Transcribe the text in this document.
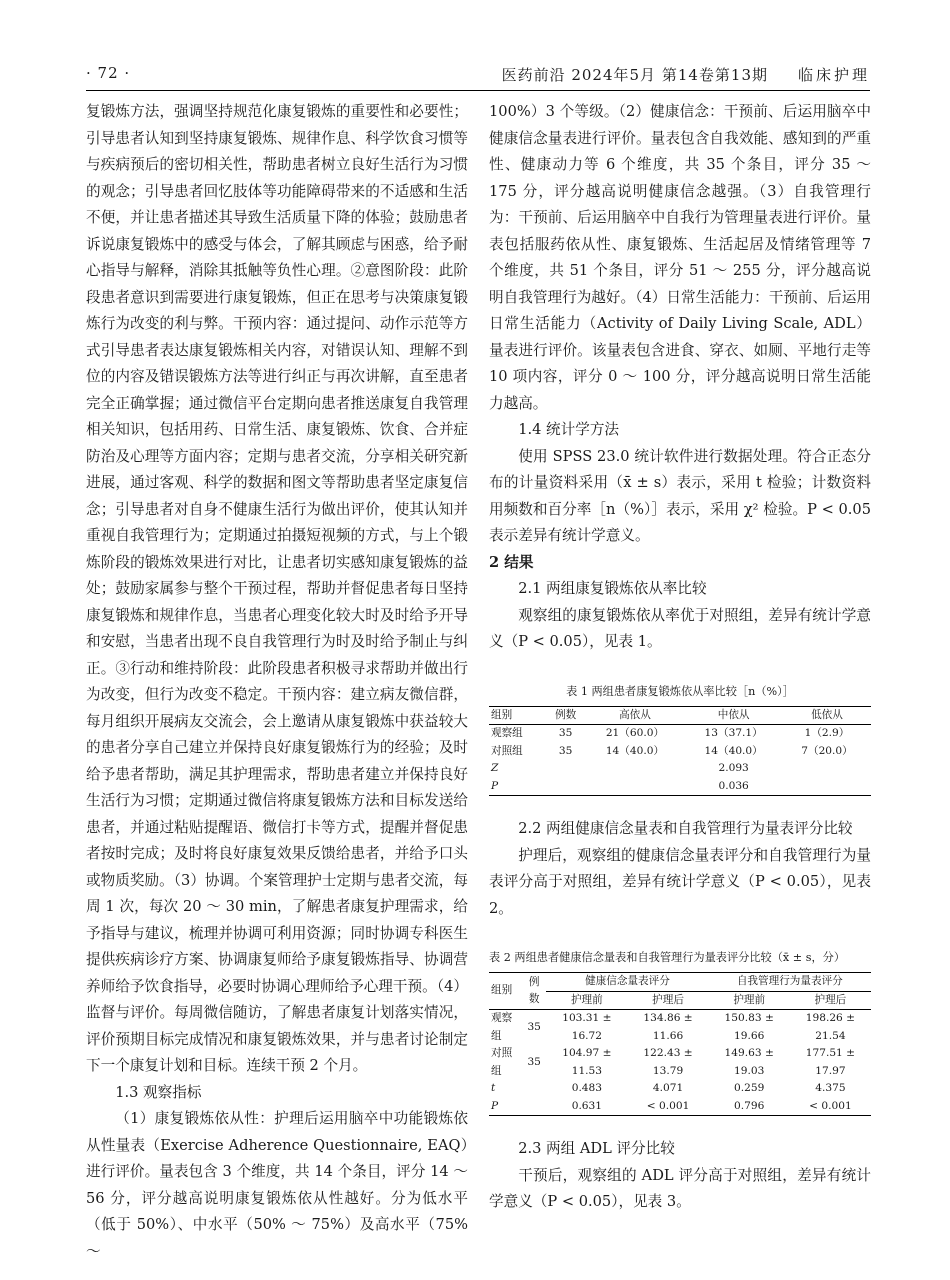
· 72 ·	医药前沿 2024年5月 第14卷第13期 临床护理

复锻炼方法，强调坚持规范化康复锻炼的重要性和必要性；引导患者认知到坚持康复锻炼、规律作息、科学饮食习惯等与疾病预后的密切相关性，帮助患者树立良好生活行为习惯的观念；引导患者回忆肢体等功能障碍带来的不适感和生活不便，并让患者描述其导致生活质量下降的体验；鼓励患者诉说康复锻炼中的感受与体会，了解其顾虑与困惑，给予耐心指导与解释，消除其抵触等负性心理。②意图阶段：此阶段患者意识到需要进行康复锻炼，但正在思考与决策康复锻炼行为改变的利与弊。干预内容：通过提问、动作示范等方式引导患者表达康复锻炼相关内容，对错误认知、理解不到位的内容及错误锻炼方法等进行纠正与再次讲解，直至患者完全正确掌握；通过微信平台定期向患者推送康复自我管理相关知识，包括用药、日常生活、康复锻炼、饮食、合并症防治及心理等方面内容；定期与患者交流，分享相关研究新进展，通过客观、科学的数据和图文等帮助患者坚定康复信念；引导患者对自身不健康生活行为做出评价，使其认知并重视自我管理行为；定期通过拍摄短视频的方式，与上个锻炼阶段的锻炼效果进行对比，让患者切实感知康复锻炼的益处；鼓励家属参与整个干预过程，帮助并督促患者每日坚持康复锻炼和规律作息，当患者心理变化较大时及时给予开导和安慰，当患者出现不良自我管理行为时及时给予制止与纠正。③行动和维持阶段：此阶段患者积极寻求帮助并做出行为改变，但行为改变不稳定。干预内容：建立病友微信群，每月组织开展病友交流会，会上邀请从康复锻炼中获益较大的患者分享自己建立并保持良好康复锻炼行为的经验；及时给予患者帮助，满足其护理需求，帮助患者建立并保持良好生活行为习惯；定期通过微信将康复锻炼方法和目标发送给患者，并通过粘贴提醒语、微信打卡等方式，提醒并督促患者按时完成；及时将良好康复效果反馈给患者，并给予口头或物质奖励。（3）协调。个案管理护士定期与患者交流，每周 1 次，每次 20 ～ 30 min，了解患者康复护理需求，给予指导与建议，梳理并协调可利用资源；同时协调专科医生提供疾病诊疗方案、协调康复师给予康复锻炼指导、协调营养师给予饮食指导，必要时协调心理师给予心理干预。（4）监督与评价。每周微信随访，了解患者康复计划落实情况，评价预期目标完成情况和康复锻炼效果，并与患者讨论制定下一个康复计划和目标。连续干预 2 个月。

1.3 观察指标

（1）康复锻炼依从性：护理后运用脑卒中功能锻炼依从性量表（Exercise Adherence Questionnaire, EAQ）进行评价。量表包含 3 个维度，共 14 个条目，评分 14 ～ 56 分，评分越高说明康复锻炼依从性越好。分为低水平（低于 50%）、中水平（50% ～ 75%）及高水平（75% ～

100%）3 个等级。（2）健康信念：干预前、后运用脑卒中健康信念量表进行评价。量表包含自我效能、感知到的严重性、健康动力等 6 个维度，共 35 个条目，评分 35 ～ 175 分，评分越高说明健康信念越强。（3）自我管理行为：干预前、后运用脑卒中自我行为管理量表进行评价。量表包括服药依从性、康复锻炼、生活起居及情绪管理等 7 个维度，共 51 个条目，评分 51 ～ 255 分，评分越高说明自我管理行为越好。（4）日常生活能力：干预前、后运用日常生活能力（Activity of Daily Living Scale, ADL）量表进行评价。该量表包含进食、穿衣、如厕、平地行走等 10 项内容，评分 0 ～ 100 分，评分越高说明日常生活能力越高。

1.4 统计学方法

使用 SPSS 23.0 统计软件进行数据处理。符合正态分布的计量资料采用（x̄ ± s）表示，采用 t 检验；计数资料用频数和百分率［n（%）］表示，采用 χ² 检验。P < 0.05 表示差异有统计学意义。

2 结果

2.1 两组康复锻炼依从率比较

观察组的康复锻炼依从率优于对照组，差异有统计学意义（P < 0.05），见表 1。

表 1 两组患者康复锻炼依从率比较［n（%）］
组别	例数	高依从	中依从	低依从
观察组	35	21（60.0）	13（37.1）	1（2.9）
对照组	35	14（40.0）	14（40.0）	7（20.0）
Z			2.093	
P			0.036	

2.2 两组健康信念量表和自我管理行为量表评分比较

护理后，观察组的健康信念量表评分和自我管理行为量表评分高于对照组，差异有统计学意义（P < 0.05），见表 2。

表 2 两组患者健康信念量表和自我管理行为量表评分比较（x̄ ± s，分）
组别	例数	健康信念量表评分		自我管理行为量表评分	
		护理前	护理后	护理前	护理后
观察组	35	103.31 ± 16.72	134.86 ± 11.66	150.83 ± 19.66	198.26 ± 21.54
对照组	35	104.97 ± 11.53	122.43 ± 13.79	149.63 ± 19.03	177.51 ± 17.97
t		0.483	4.071	0.259	4.375
P		0.631	< 0.001	0.796	< 0.001

2.3 两组 ADL 评分比较

干预后，观察组的 ADL 评分高于对照组，差异有统计学意义（P < 0.05），见表 3。
